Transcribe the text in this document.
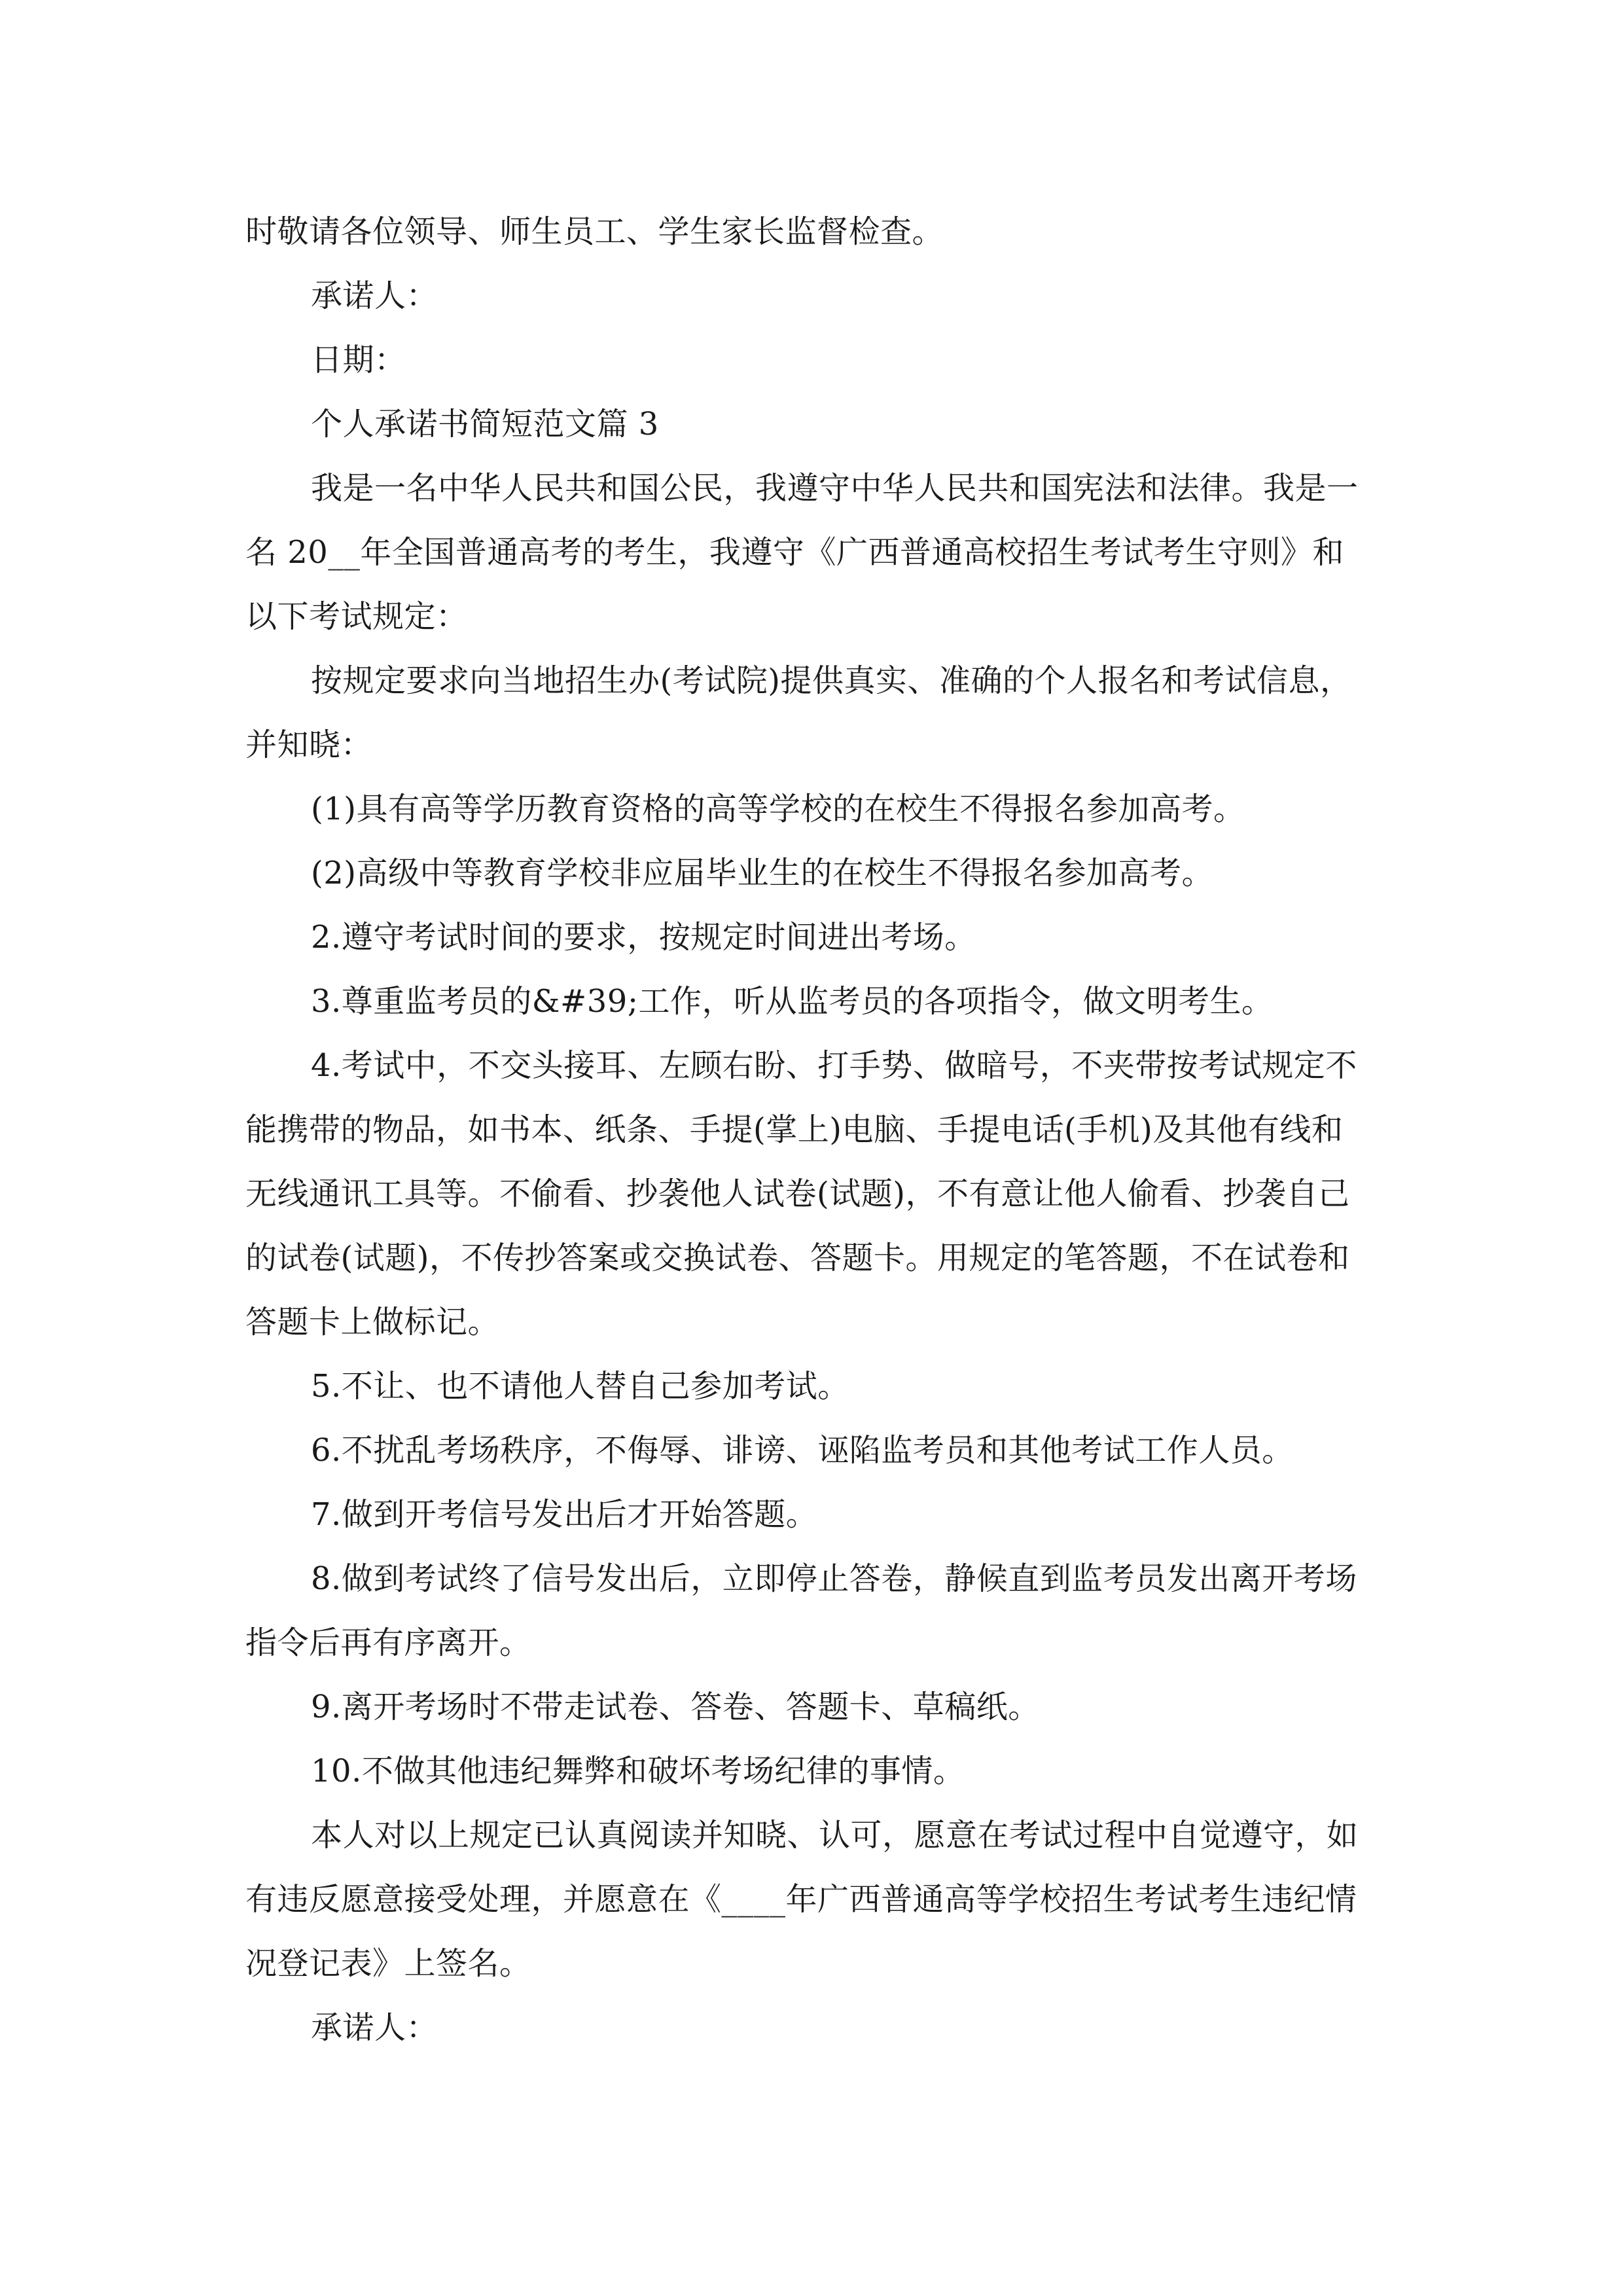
时敬请各位领导、师生员工、学生家长监督检查。
承诺人：
日期：
个人承诺书简短范文篇 3
我是一名中华人民共和国公民，我遵守中华人民共和国宪法和法律。我是一
名 20__年全国普通高考的考生，我遵守《广西普通高校招生考试考生守则》和
以下考试规定：
按规定要求向当地招生办(考试院)提供真实、准确的个人报名和考试信息，
并知晓：
(1)具有高等学历教育资格的高等学校的在校生不得报名参加高考。
(2)高级中等教育学校非应届毕业生的在校生不得报名参加高考。
2.遵守考试时间的要求，按规定时间进出考场。
3.尊重监考员的&#39;工作，听从监考员的各项指令，做文明考生。
4.考试中，不交头接耳、左顾右盼、打手势、做暗号，不夹带按考试规定不
能携带的物品，如书本、纸条、手提(掌上)电脑、手提电话(手机)及其他有线和
无线通讯工具等。不偷看、抄袭他人试卷(试题)，不有意让他人偷看、抄袭自己
的试卷(试题)，不传抄答案或交换试卷、答题卡。用规定的笔答题，不在试卷和
答题卡上做标记。
5.不让、也不请他人替自己参加考试。
6.不扰乱考场秩序，不侮辱、诽谤、诬陷监考员和其他考试工作人员。
7.做到开考信号发出后才开始答题。
8.做到考试终了信号发出后，立即停止答卷，静候直到监考员发出离开考场
指令后再有序离开。
9.离开考场时不带走试卷、答卷、答题卡、草稿纸。
10.不做其他违纪舞弊和破坏考场纪律的事情。
本人对以上规定已认真阅读并知晓、认可，愿意在考试过程中自觉遵守，如
有违反愿意接受处理，并愿意在《____年广西普通高等学校招生考试考生违纪情
况登记表》上签名。
承诺人：
